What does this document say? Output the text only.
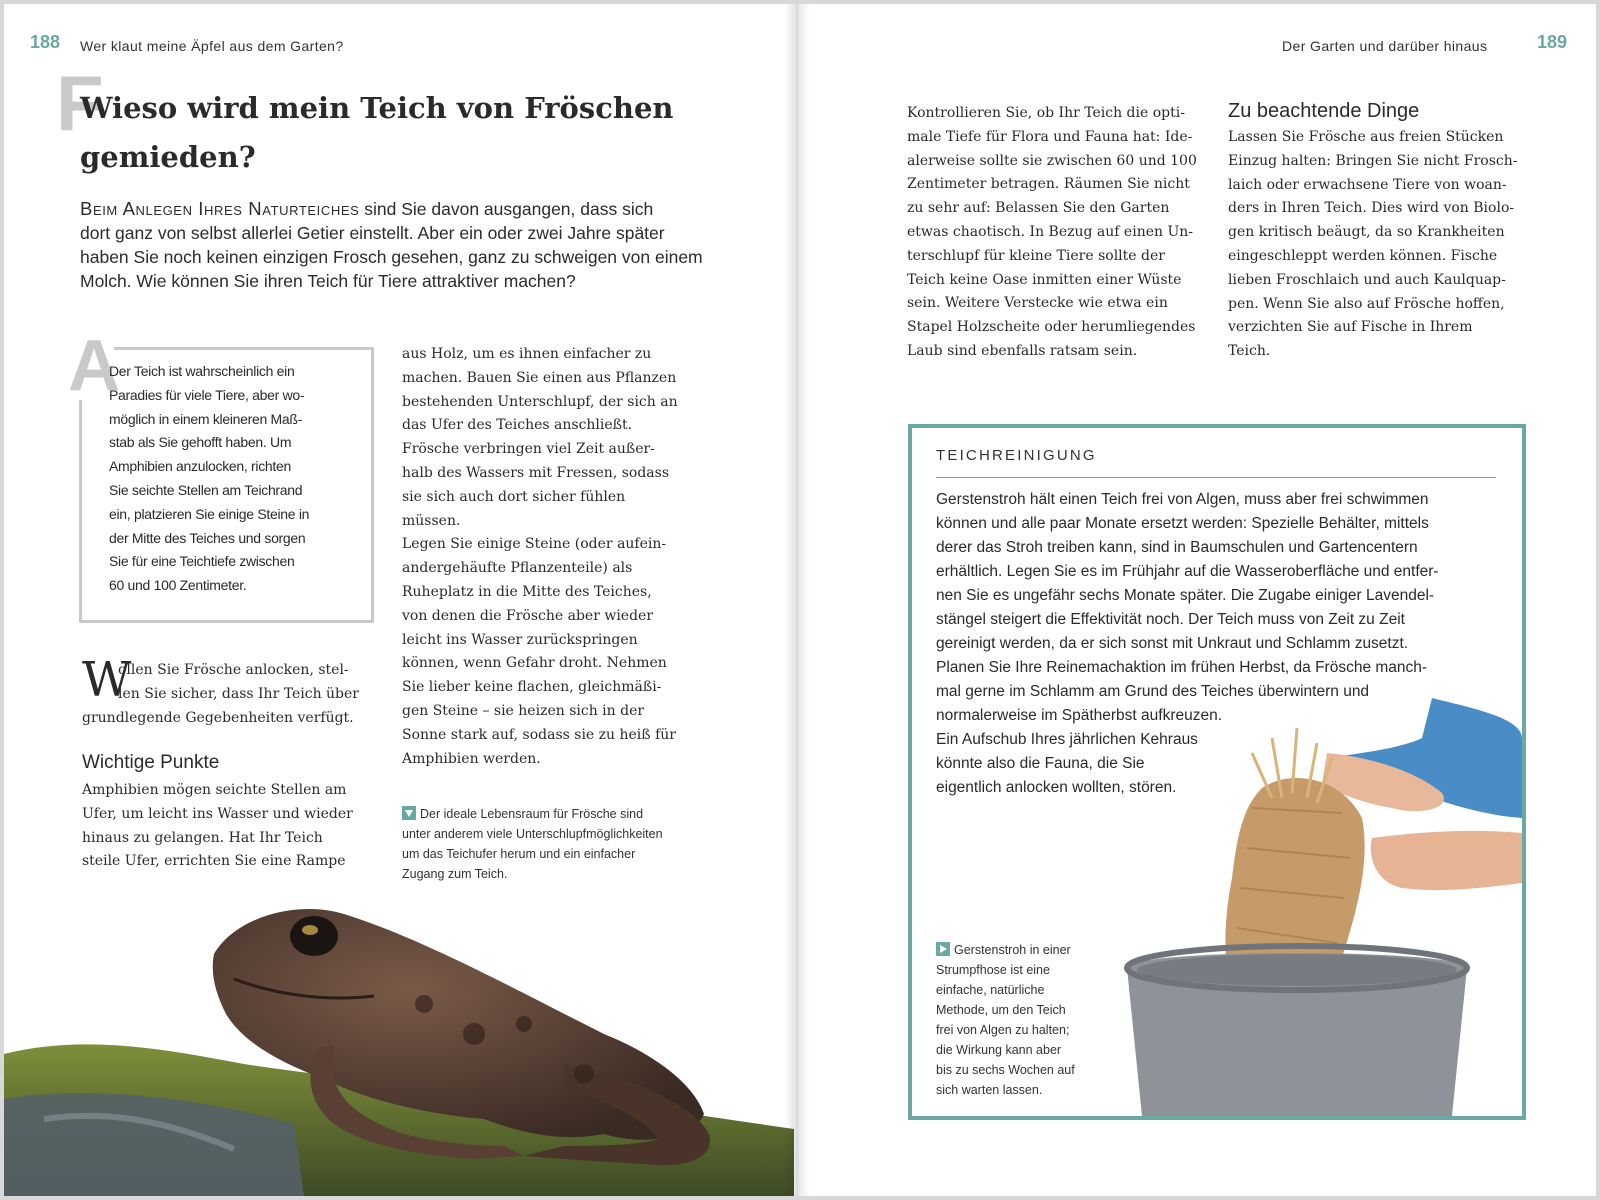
188 Wer klaut meine Äpfel aus dem Garten?
F
Wieso wird mein Teich von Fröschen
gemieden?
Beim Anlegen Ihres Naturteiches sind Sie davon ausgangen, dass sich
dort ganz von selbst allerlei Getier einstellt. Aber ein oder zwei Jahre später
haben Sie noch keinen einzigen Frosch gesehen, ganz zu schweigen von einem
Molch. Wie können Sie ihren Teich für Tiere attraktiver machen?
A
Der Teich ist wahrscheinlich ein
Paradies für viele Tiere, aber wo-
möglich in einem kleineren Maß-
stab als Sie gehofft haben. Um
Amphibien anzulocken, richten
Sie seichte Stellen am Teichrand
ein, platzieren Sie einige Steine in
der Mitte des Teiches und sorgen
Sie für eine Teichtiefe zwischen
60 und 100 Zentimeter.
W
ollen Sie Frösche anlocken, stel-
len Sie sicher, dass Ihr Teich über
grundlegende Gegebenheiten verfügt.
Wichtige Punkte
Amphibien mögen seichte Stellen am
Ufer, um leicht ins Wasser und wieder
hinaus zu gelangen. Hat Ihr Teich
steile Ufer, errichten Sie eine Rampe
aus Holz, um es ihnen einfacher zu
machen. Bauen Sie einen aus Pflanzen
bestehenden Unterschlupf, der sich an
das Ufer des Teiches anschließt.
Frösche verbringen viel Zeit außer-
halb des Wassers mit Fressen, sodass
sie sich auch dort sicher fühlen
müssen.
Legen Sie einige Steine (oder aufein-
andergehäufte Pflanzenteile) als
Ruheplatz in die Mitte des Teiches,
von denen die Frösche aber wieder
leicht ins Wasser zurückspringen
können, wenn Gefahr droht. Nehmen
Sie lieber keine flachen, gleichmäßi-
gen Steine – sie heizen sich in der
Sonne stark auf, sodass sie zu heiß für
Amphibien werden.
Der ideale Lebensraum für Frösche sind
unter anderem viele Unterschlupfmöglichkeiten
um das Teichufer herum und ein einfacher
Zugang zum Teich.
Der Garten und darüber hinaus	189
Kontrollieren Sie, ob Ihr Teich die opti-
male Tiefe für Flora und Fauna hat: Ide-
alerweise sollte sie zwischen 60 und 100
Zentimeter betragen. Räumen Sie nicht
zu sehr auf: Belassen Sie den Garten
etwas chaotisch. In Bezug auf einen Un-
terschlupf für kleine Tiere sollte der
Teich keine Oase inmitten einer Wüste
sein. Weitere Verstecke wie etwa ein
Stapel Holzscheite oder herumliegendes
Laub sind ebenfalls ratsam sein.
Zu beachtende Dinge
Lassen Sie Frösche aus freien Stücken
Einzug halten: Bringen Sie nicht Frosch-
laich oder erwachsene Tiere von woan-
ders in Ihren Teich. Dies wird von Biolo-
gen kritisch beäugt, da so Krankheiten
eingeschleppt werden können. Fische
lieben Froschlaich und auch Kaulquap-
pen. Wenn Sie also auf Frösche hoffen,
verzichten Sie auf Fische in Ihrem
Teich.
TEICHREINIGUNG
Gerstenstroh hält einen Teich frei von Algen, muss aber frei schwimmen
können und alle paar Monate ersetzt werden: Spezielle Behälter, mittels
derer das Stroh treiben kann, sind in Baumschulen und Gartencentern
erhältlich. Legen Sie es im Frühjahr auf die Wasseroberfläche und entfer-
nen Sie es ungefähr sechs Monate später. Die Zugabe einiger Lavendel-
stängel steigert die Effektivität noch. Der Teich muss von Zeit zu Zeit
gereinigt werden, da er sich sonst mit Unkraut und Schlamm zusetzt.
Planen Sie Ihre Reinemachaktion im frühen Herbst, da Frösche manch-
mal gerne im Schlamm am Grund des Teiches überwintern und
normalerweise im Spätherbst aufkreuzen.
Ein Aufschub Ihres jährlichen Kehraus
könnte also die Fauna, die Sie
eigentlich anlocken wollten, stören.
Gerstenstroh in einer
Strumpfhose ist eine
einfache, natürliche
Methode, um den Teich
frei von Algen zu halten;
die Wirkung kann aber
bis zu sechs Wochen auf
sich warten lassen.
